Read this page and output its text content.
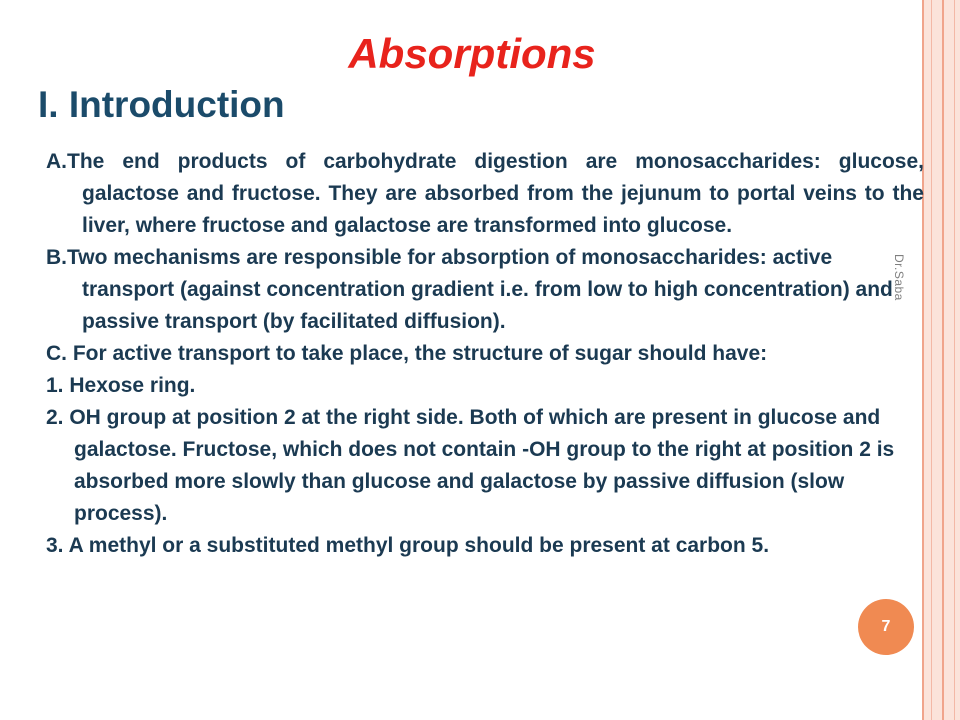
Absorptions
I. Introduction
Dr.Saba

A.The end products of carbohydrate digestion are monosaccharides: glucose, galactose and fructose. They are absorbed from the jejunum to portal veins to the liver, where fructose and galactose are transformed into glucose.

B.Two mechanisms are responsible for absorption of monosaccharides: active transport (against concentration gradient i.e. from low to high concentration) and passive transport (by facilitated diffusion).

C. For active transport to take place, the structure of sugar should have:

1. Hexose ring.

2. OH group at position 2 at the right side. Both of which are present in glucose and galactose. Fructose, which does not contain -OH group to the right at position 2 is absorbed more slowly than glucose and galactose by passive diffusion (slow process).

3. A methyl or a substituted methyl group should be present at carbon 5.

7
